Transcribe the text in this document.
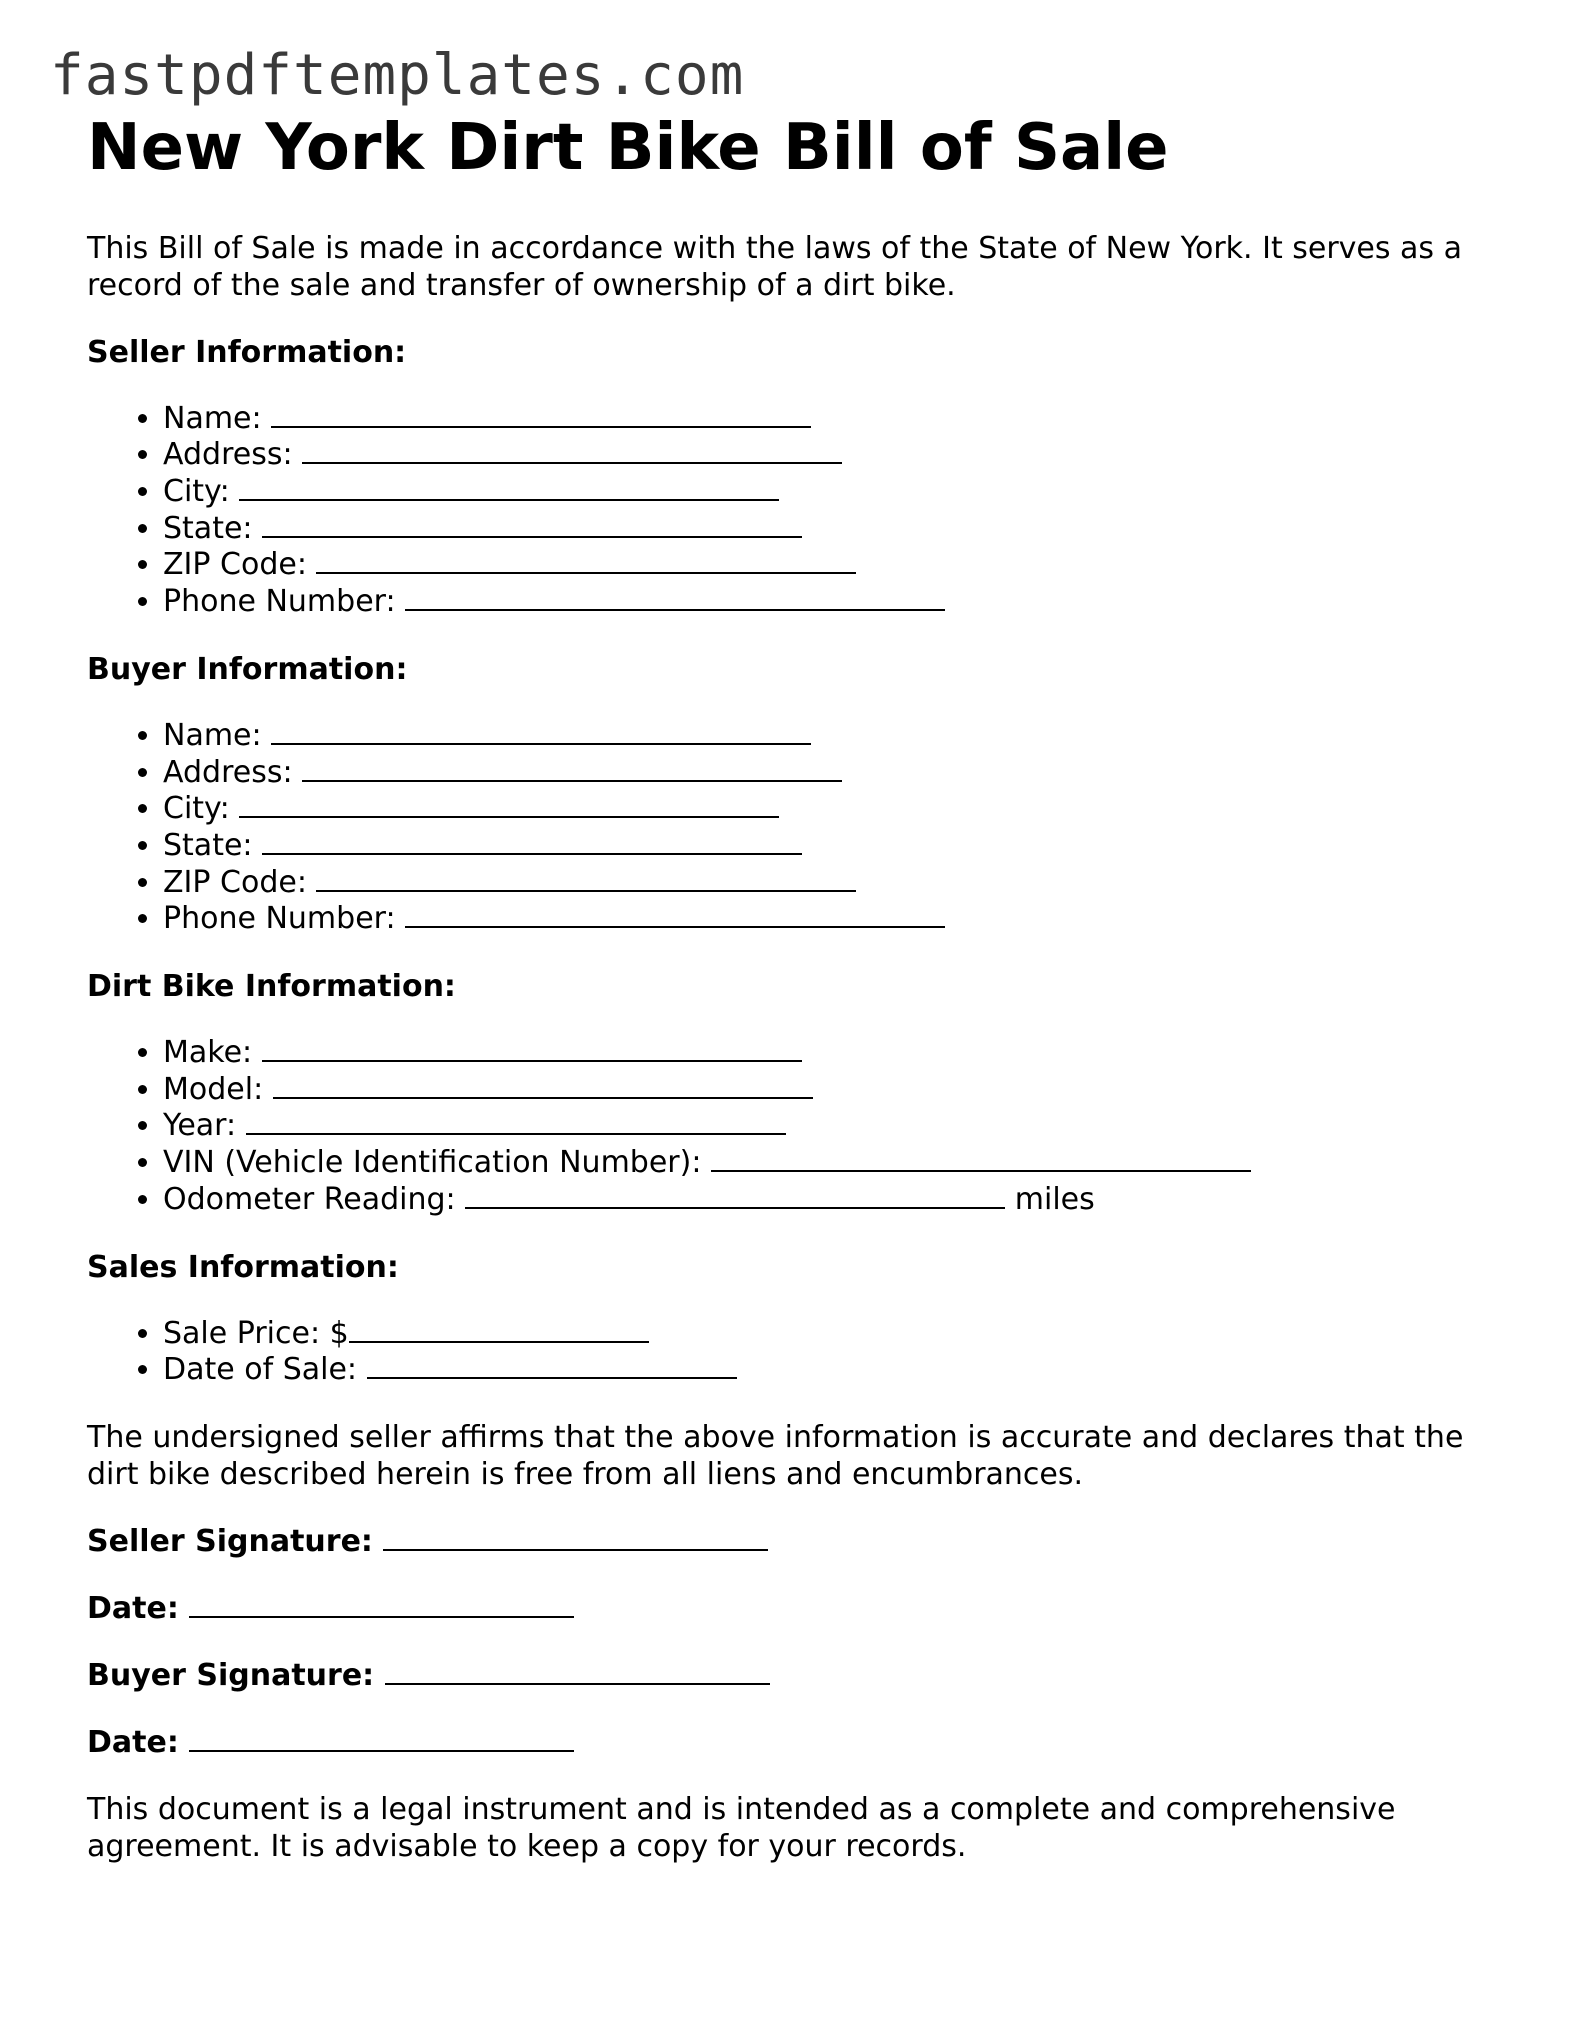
fastpdftemplates.com
New York Dirt Bike Bill of Sale

This Bill of Sale is made in accordance with the laws of the State of New York. It serves as a record of the sale and transfer of ownership of a dirt bike.

Seller Information:
• Name:
• Address:
• City:
• State:
• ZIP Code:
• Phone Number:
Buyer Information:
• Name:
• Address:
• City:
• State:
• ZIP Code:
• Phone Number:
Dirt Bike Information:
• Make:
• Model:
• Year:
• VIN (Vehicle Identification Number):
• Odometer Reading:	miles
Sales Information:
• Sale Price: $
• Date of Sale:

The undersigned seller affirms that the above information is accurate and declares that the dirt bike described herein is free from all liens and encumbrances.

Seller Signature:
Date:
Buyer Signature:
Date:

This document is a legal instrument and is intended as a complete and comprehensive agreement. It is advisable to keep a copy for your records.
